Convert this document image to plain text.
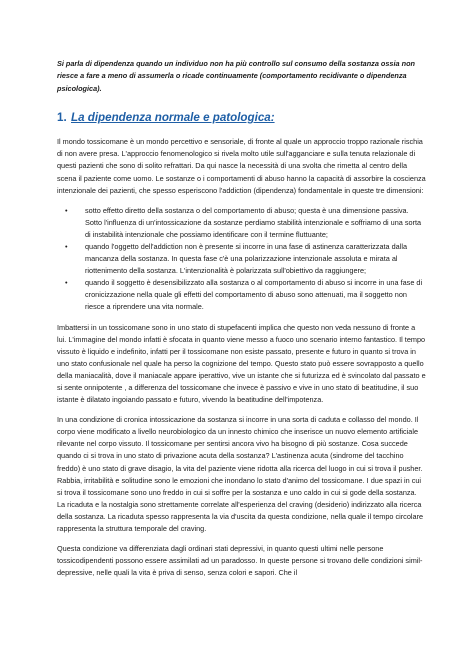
Si parla di dipendenza quando un individuo non ha più controllo sul consumo della sostanza ossia non riesce a fare a meno di assumerla o ricade continuamente (comportamento recidivante o dipendenza psicologica).

1. La dipendenza normale e patologica:

Il mondo tossicomane è un mondo percettivo e sensoriale, di fronte al quale un approccio troppo razionale rischia di non avere presa. L'approccio fenomenologico si rivela molto utile sull'agganciare e sulla tenuta relazionale di questi pazienti che sono di solito refrattari. Da qui nasce la necessità di una svolta che rimetta al centro della scena il paziente come uomo. Le sostanze o i comportamenti di abuso hanno la capacità di assorbire la coscienza intenzionale dei pazienti, che spesso esperiscono l'addiction (dipendenza) fondamentale in queste tre dimensioni:

• sotto effetto diretto della sostanza o del comportamento di abuso; questa è una dimensione passiva. Sotto l'influenza di un'intossicazione da sostanze perdiamo stabilità intenzionale e soffriamo di una sorta di instabilità intenzionale che possiamo identificare con il termine fluttuante;
• quando l'oggetto dell'addiction non è presente si incorre in una fase di astinenza caratterizzata dalla mancanza della sostanza. In questa fase c'è una polarizzazione intenzionale assoluta e mirata al riottenimento della sostanza. L'intenzionalità è polarizzata sull'obiettivo da raggiungere;
• quando il soggetto è desensibilizzato alla sostanza o al comportamento di abuso si incorre in una fase di cronicizzazione nella quale gli effetti del comportamento di abuso sono attenuati, ma il soggetto non riesce a riprendere una vita normale.

Imbattersi in un tossicomane sono in uno stato di stupefacenti implica che questo non veda nessuno di fronte a lui. L'immagine del mondo infatti è sfocata in quanto viene messo a fuoco uno scenario interno fantastico. Il tempo vissuto è liquido e indefinito, infatti per il tossicomane non esiste passato, presente e futuro in quanto si trova in uno stato confusionale nel quale ha perso la cognizione del tempo. Questo stato può essere sovrapposto a quello della maniacalità, dove il maniacale appare iperattivo, vive un istante che si futurizza ed è svincolato dal passato e si sente onnipotente , a differenza del tossicomane che invece è passivo e vive in uno stato di beatitudine, il suo istante è dilatato ingoiando passato e futuro, vivendo la beatitudine dell'impotenza.

In una condizione di cronica intossicazione da sostanza si incorre in una sorta di caduta e collasso del mondo. Il corpo viene modificato a livello neurobiologico da un innesto chimico che inserisce un nuovo elemento artificiale rilevante nel corpo vissuto. Il tossicomane per sentirsi ancora vivo ha bisogno di più sostanze. Cosa succede quando ci si trova in uno stato di privazione acuta della sostanza? L'astinenza acuta (sindrome del tacchino freddo) è uno stato di grave disagio, la vita del paziente viene ridotta alla ricerca del luogo in cui si trova il pusher. Rabbia, irritabilità e solitudine sono le emozioni che inondano lo stato d'animo del tossicomane. I due spazi in cui si trova il tossicomane sono uno freddo in cui si soffre per la sostanza e uno caldo in cui si gode della sostanza. La ricaduta e la nostalgia sono strettamente correlate all'esperienza del craving (desiderio) indirizzato alla ricerca della sostanza. La ricaduta spesso rappresenta la via d'uscita da questa condizione, nella quale il tempo circolare rappresenta la struttura temporale del craving.

Questa condizione va differenziata dagli ordinari stati depressivi, in quanto questi ultimi nelle persone tossicodipendenti possono essere assimilati ad un paradosso. In queste persone si trovano delle condizioni simil-depressive, nelle quali la vita è priva di senso, senza colori e sapori. Che il
